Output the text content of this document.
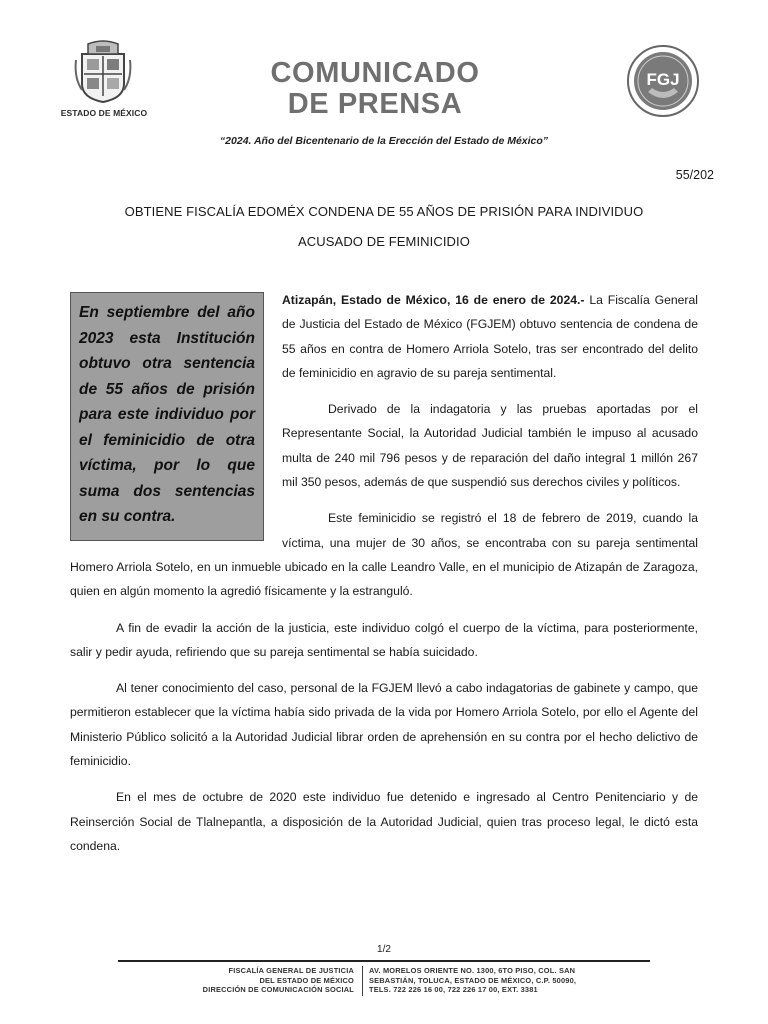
ESTADO DE MÉXICO
COMUNICADO
DE PRENSA
FGJ
“2024. Año del Bicentenario de la Erección del Estado de México”
55/202
OBTIENE FISCALÍA EDOMÉX CONDENA DE 55 AÑOS DE PRISIÓN PARA INDIVIDUO
ACUSADO DE FEMINICIDIO
En septiembre del año 2023 esta Institución obtuvo otra sentencia de 55 años de prisión para este individuo por el feminicidio de otra víctima, por lo que suma dos sentencias en su contra.

Atizapán, Estado de México, 16 de enero de 2024.- La Fiscalía General de Justicia del Estado de México (FGJEM) obtuvo sentencia de condena de 55 años en contra de Homero Arriola Sotelo, tras ser encontrado del delito de feminicidio en agravio de su pareja sentimental.

Derivado de la indagatoria y las pruebas aportadas por el Representante Social, la Autoridad Judicial también le impuso al acusado multa de 240 mil 796 pesos y de reparación del daño integral 1 millón 267 mil 350 pesos, además de que suspendió sus derechos civiles y políticos.

Este feminicidio se registró el 18 de febrero de 2019, cuando la víctima, una mujer de 30 años, se encontraba con su pareja sentimental Homero Arriola Sotelo, en un inmueble ubicado en la calle Leandro Valle, en el municipio de Atizapán de Zaragoza, quien en algún momento la agredió físicamente y la estranguló.

A fin de evadir la acción de la justicia, este individuo colgó el cuerpo de la víctima, para posteriormente, salir y pedir ayuda, refiriendo que su pareja sentimental se había suicidado.

Al tener conocimiento del caso, personal de la FGJEM llevó a cabo indagatorias de gabinete y campo, que permitieron establecer que la víctima había sido privada de la vida por Homero Arriola Sotelo, por ello el Agente del Ministerio Público solicitó a la Autoridad Judicial librar orden de aprehensión en su contra por el hecho delictivo de feminicidio.

En el mes de octubre de 2020 este individuo fue detenido e ingresado al Centro Penitenciario y de Reinserción Social de Tlalnepantla, a disposición de la Autoridad Judicial, quien tras proceso legal, le dictó esta condena.

1/2
FISCALÍA GENERAL DE JUSTICIA
DEL ESTADO DE MÉXICO
DIRECCIÓN DE COMUNICACIÓN SOCIAL
AV. MORELOS ORIENTE NO. 1300, 6TO PISO, COL. SAN
SEBASTIÁN, TOLUCA, ESTADO DE MÉXICO, C.P. 50090,
TELS. 722 226 16 00, 722 226 17 00, EXT. 3381
